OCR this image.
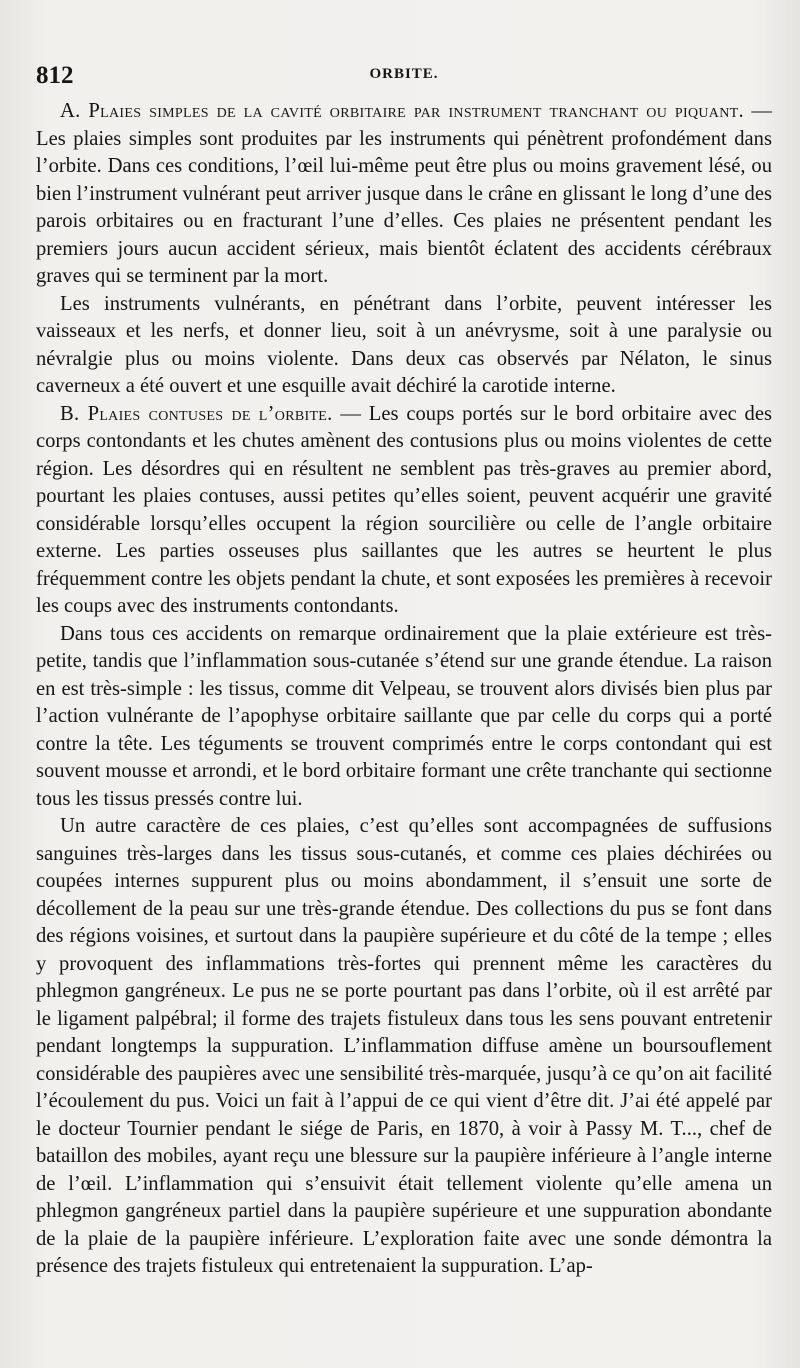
812	ORBITE.

A. Plaies simples de la cavité orbitaire par instrument tranchant ou piquant. — Les plaies simples sont produites par les instruments qui pénètrent profondément dans l’orbite. Dans ces conditions, l’œil lui-même peut être plus ou moins gravement lésé, ou bien l’instrument vulnérant peut arriver jusque dans le crâne en glissant le long d’une des parois orbitaires ou en fracturant l’une d’elles. Ces plaies ne présentent pendant les premiers jours aucun accident sérieux, mais bientôt éclatent des accidents cérébraux graves qui se terminent par la mort.

Les instruments vulnérants, en pénétrant dans l’orbite, peuvent intéresser les vaisseaux et les nerfs, et donner lieu, soit à un anévrysme, soit à une paralysie ou névralgie plus ou moins violente. Dans deux cas observés par Nélaton, le sinus caverneux a été ouvert et une esquille avait déchiré la carotide interne.

B. Plaies contuses de l’orbite. — Les coups portés sur le bord orbitaire avec des corps contondants et les chutes amènent des contusions plus ou moins violentes de cette région. Les désordres qui en résultent ne semblent pas très-graves au premier abord, pourtant les plaies contuses, aussi petites qu’elles soient, peuvent acquérir une gravité considérable lorsqu’elles occupent la région sourcilière ou celle de l’angle orbitaire externe. Les parties osseuses plus saillantes que les autres se heurtent le plus fréquemment contre les objets pendant la chute, et sont exposées les premières à recevoir les coups avec des instruments contondants.

Dans tous ces accidents on remarque ordinairement que la plaie extérieure est très-petite, tandis que l’inflammation sous-cutanée s’étend sur une grande étendue. La raison en est très-simple : les tissus, comme dit Velpeau, se trouvent alors divisés bien plus par l’action vulnérante de l’apophyse orbitaire saillante que par celle du corps qui a porté contre la tête. Les téguments se trouvent comprimés entre le corps contondant qui est souvent mousse et arrondi, et le bord orbitaire formant une crête tranchante qui sectionne tous les tissus pressés contre lui.

Un autre caractère de ces plaies, c’est qu’elles sont accompagnées de suffusions sanguines très-larges dans les tissus sous-cutanés, et comme ces plaies déchirées ou coupées internes suppurent plus ou moins abondamment, il s’ensuit une sorte de décollement de la peau sur une très-grande étendue. Des collections du pus se font dans des régions voisines, et surtout dans la paupière supérieure et du côté de la tempe ; elles y provoquent des inflammations très-fortes qui prennent même les caractères du phlegmon gangréneux. Le pus ne se porte pourtant pas dans l’orbite, où il est arrêté par le ligament palpébral; il forme des trajets fistuleux dans tous les sens pouvant entretenir pendant longtemps la suppuration. L’inflammation diffuse amène un boursouflement considérable des paupières avec une sensibilité très-marquée, jusqu’à ce qu’on ait facilité l’écoulement du pus. Voici un fait à l’appui de ce qui vient d’être dit. J’ai été appelé par le docteur Tournier pendant le siége de Paris, en 1870, à voir à Passy M. T..., chef de bataillon des mobiles, ayant reçu une blessure sur la paupière inférieure à l’angle interne de l’œil. L’inflammation qui s’ensuivit était tellement violente qu’elle amena un phlegmon gangréneux partiel dans la paupière supérieure et une suppuration abondante de la plaie de la paupière inférieure. L’exploration faite avec une sonde démontra la présence des trajets fistuleux qui entretenaient la suppuration. L’ap-
